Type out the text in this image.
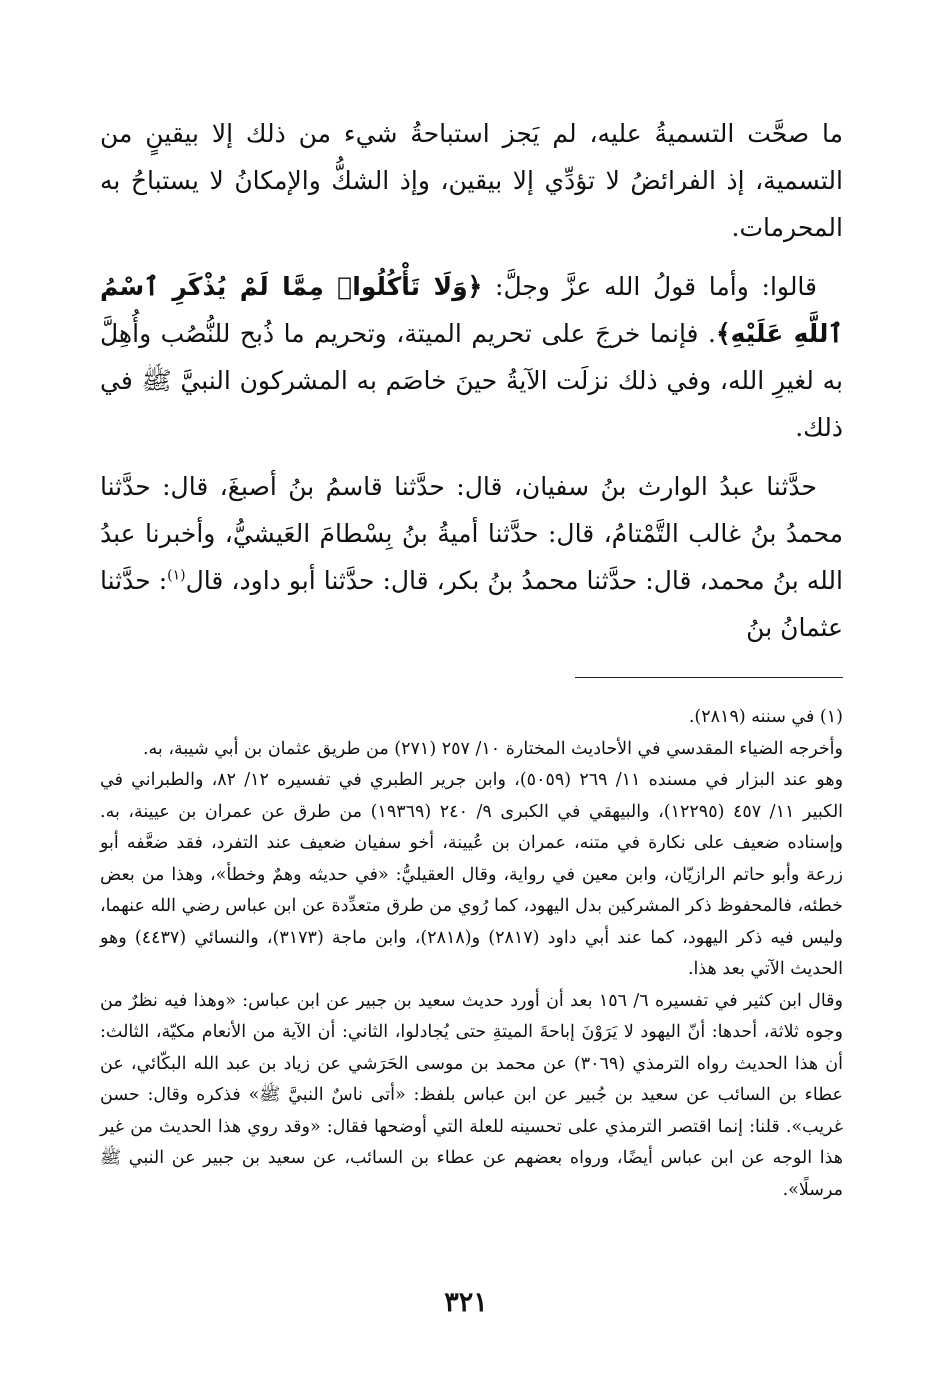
ما صحَّت التسميةُ عليه، لم يَجز استباحةُ شيء من ذلك إلا بيقينٍ من التسمية، إذ الفرائضُ لا تؤدِّي إلا بيقين، وإذ الشكُّ والإمكانُ لا يستباحُ به المحرمات.

قالوا: وأما قولُ الله عزَّ وجلَّ: ﴿وَلَا تَأْكُلُوا۟ مِمَّا لَمْ يُذْكَرِ ٱسْمُ ٱللَّهِ عَلَيْهِ﴾. فإنما خرجَ على تحريم الميتة، وتحريم ما ذُبح للنُّصُب وأُهِلَّ به لغيرِ الله، وفي ذلك نزلَت الآيةُ حينَ خاصَم به المشركون النبيَّ ﷺ في ذلك.

حدَّثنا عبدُ الوارث بنُ سفيان، قال: حدَّثنا قاسمُ بنُ أصبغَ، قال: حدَّثنا محمدُ بنُ غالب التَّمْتامُ، قال: حدَّثنا أميةُ بنُ بِسْطامَ العَيشيُّ، وأخبرنا عبدُ الله بنُ محمد، قال: حدَّثنا محمدُ بنُ بكر، قال: حدَّثنا أبو داود، قال$^{(١)}$: حدَّثنا عثمانُ بنُ

(١) في سننه (٢٨١٩).

وأخرجه الضياء المقدسي في الأحاديث المختارة ١٠/ ٢٥٧ (٢٧١) من طريق عثمان بن أبي شيبة، به.

وهو عند البزار في مسنده ١١/ ٢٦٩ (٥٠٥٩)، وابن جرير الطبري في تفسيره ١٢/ ٨٢، والطبراني في الكبير ١١/ ٤٥٧ (١٢٢٩٥)، والبيهقي في الكبرى ٩/ ٢٤٠ (١٩٣٦٩) من طرق عن عمران بن عيينة، به. وإسناده ضعيف على نكارة في متنه، عمران بن عُيينة، أخو سفيان ضعيف عند التفرد، فقد ضعَّفه أبو زرعة وأبو حاتم الرازيّان، وابن معين في رواية، وقال العقيليُّ: «في حديثه وهمٌ وخطأ»، وهذا من بعض خطئه، فالمحفوظ ذكر المشركين بدل اليهود، كما رُوي من طرق متعدِّدة عن ابن عباس رضي الله عنهما، وليس فيه ذكر اليهود، كما عند أبي داود (٢٨١٧) و(٢٨١٨)، وابن ماجة (٣١٧٣)، والنسائي (٤٤٣٧) وهو الحديث الآتي بعد هذا.

وقال ابن كثير في تفسيره ٦/ ١٥٦ بعد أن أورد حديث سعيد بن جبير عن ابن عباس: «وهذا فيه نظرٌ من وجوه ثلاثة، أحدها: أنّ اليهود لا يَرَوْنَ إباحةَ الميتةِ حتى يُجادلوا، الثاني: أن الآية من الأنعام مكيّة، الثالث: أن هذا الحديث رواه الترمذي (٣٠٦٩) عن محمد بن موسى الحَرَشي عن زياد بن عبد الله البكّائي، عن عطاء بن السائب عن سعيد بن جُبير عن ابن عباس بلفظ: «أتى ناسٌ النبيَّ ﷺ» فذكره وقال: حسن غريب». قلنا: إنما اقتصر الترمذي على تحسينه للعلة التي أوضحها فقال: «وقد روي هذا الحديث من غير هذا الوجه عن ابن عباس أيضًا، ورواه بعضهم عن عطاء بن السائب، عن سعيد بن جبير عن النبي ﷺ مرسلًا».

٣٢١
